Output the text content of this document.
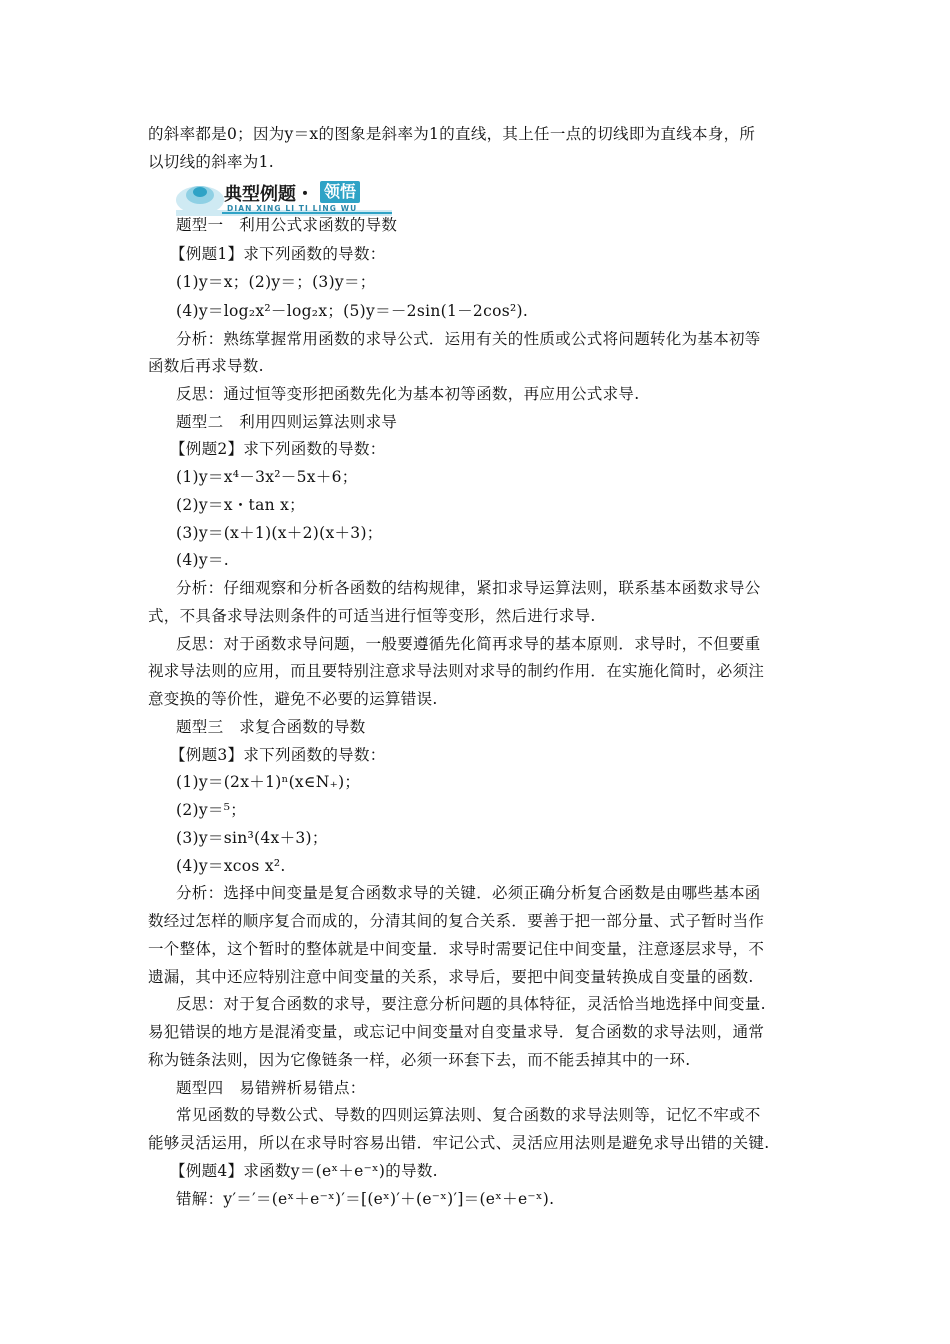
的斜率都是0；因为y＝x的图象是斜率为1的直线，其上任一点的切线即为直线本身，所
以切线的斜率为1.
典型例题・ 领悟
DIAN XING LI TI LING WU
题型一　利用公式求函数的导数
【例题1】求下列函数的导数：
(1)y＝x；(2)y＝；(3)y＝；
(4)y＝log₂x²－log₂x；(5)y＝－2sin(1－2cos²).
分析：熟练掌握常用函数的求导公式．运用有关的性质或公式将问题转化为基本初等
函数后再求导数.
反思：通过恒等变形把函数先化为基本初等函数，再应用公式求导.
题型二　利用四则运算法则求导
【例题2】求下列函数的导数：
(1)y＝x⁴－3x²－5x＋6；
(2)y＝x・tan x；
(3)y＝(x＋1)(x＋2)(x＋3)；
(4)y＝.
分析：仔细观察和分析各函数的结构规律，紧扣求导运算法则，联系基本函数求导公
式，不具备求导法则条件的可适当进行恒等变形，然后进行求导.
反思：对于函数求导问题，一般要遵循先化简再求导的基本原则．求导时，不但要重
视求导法则的应用，而且要特别注意求导法则对求导的制约作用．在实施化简时，必须注
意变换的等价性，避免不必要的运算错误.
题型三　求复合函数的导数
【例题3】求下列函数的导数：
(1)y＝(2x＋1)ⁿ(x∈N₊)；
(2)y＝⁵；
(3)y＝sin³(4x＋3)；
(4)y＝xcos x².
分析：选择中间变量是复合函数求导的关键．必须正确分析复合函数是由哪些基本函
数经过怎样的顺序复合而成的，分清其间的复合关系．要善于把一部分量、式子暂时当作
一个整体，这个暂时的整体就是中间变量．求导时需要记住中间变量，注意逐层求导，不
遗漏，其中还应特别注意中间变量的关系，求导后，要把中间变量转换成自变量的函数.
反思：对于复合函数的求导，要注意分析问题的具体特征，灵活恰当地选择中间变量.
易犯错误的地方是混淆变量，或忘记中间变量对自变量求导．复合函数的求导法则，通常
称为链条法则，因为它像链条一样，必须一环套下去，而不能丢掉其中的一环.
题型四　易错辨析易错点：
常见函数的导数公式、导数的四则运算法则、复合函数的求导法则等，记忆不牢或不
能够灵活运用，所以在求导时容易出错．牢记公式、灵活应用法则是避免求导出错的关键.
【例题4】求函数y＝(eˣ＋e⁻ˣ)的导数.
错解：y′＝′＝(eˣ＋e⁻ˣ)′＝[(eˣ)′＋(e⁻ˣ)′]＝(eˣ＋e⁻ˣ).
